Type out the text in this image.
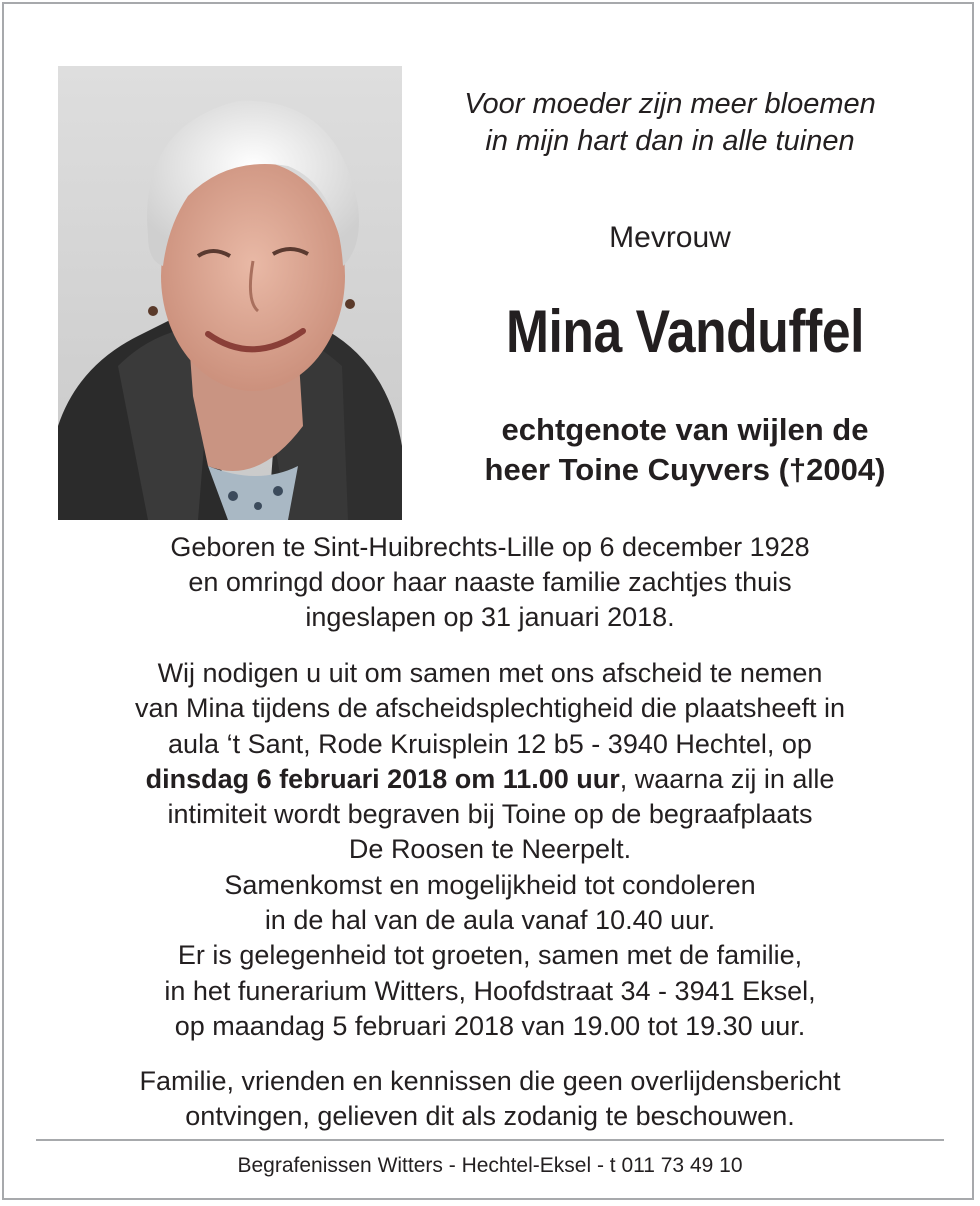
Voor moeder zijn meer bloemen
in mijn hart dan in alle tuinen
Mevrouw
Mina Vanduffel
echtgenote van wijlen de
heer Toine Cuyvers (†2004)
Geboren te Sint-Huibrechts-Lille op 6 december 1928
en omringd door haar naaste familie zachtjes thuis
ingeslapen op 31 januari 2018.
Wij nodigen u uit om samen met ons afscheid te nemen
van Mina tijdens de afscheidsplechtigheid die plaatsheeft in
aula ‘t Sant, Rode Kruisplein 12 b5 - 3940 Hechtel, op
dinsdag 6 februari 2018 om 11.00 uur, waarna zij in alle
intimiteit wordt begraven bij Toine op de begraafplaats
De Roosen te Neerpelt.
Samenkomst en mogelijkheid tot condoleren
in de hal van de aula vanaf 10.40 uur.
Er is gelegenheid tot groeten, samen met de familie,
in het funerarium Witters, Hoofdstraat 34 - 3941 Eksel,
op maandag 5 februari 2018 van 19.00 tot 19.30 uur.
Familie, vrienden en kennissen die geen overlijdensbericht
ontvingen, gelieven dit als zodanig te beschouwen.
Begrafenissen Witters - Hechtel-Eksel - t 011 73 49 10
